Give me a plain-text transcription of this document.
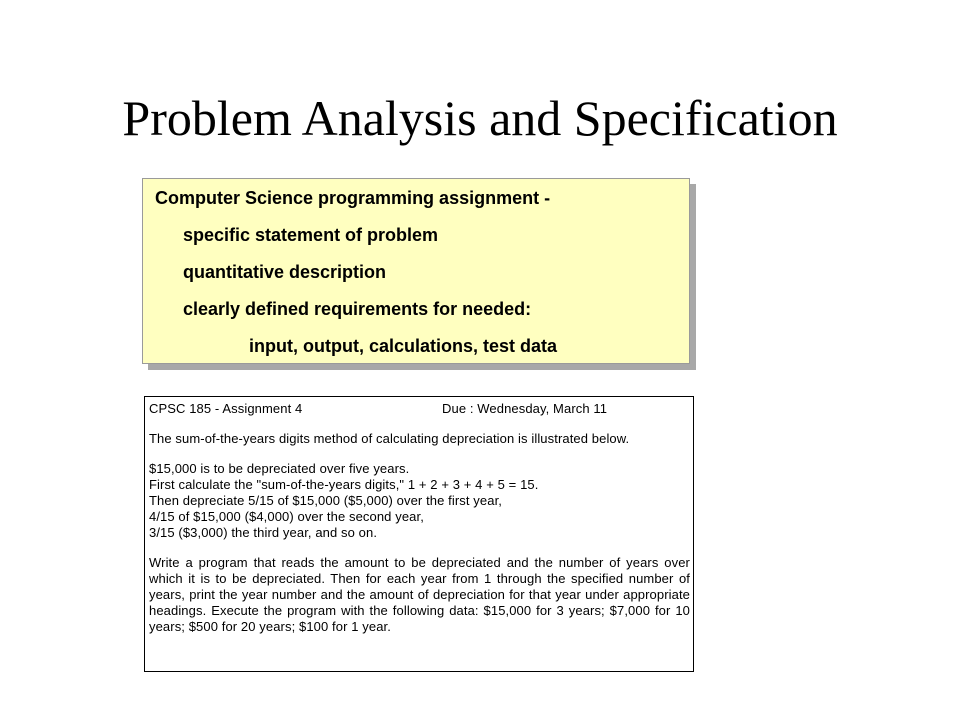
Problem Analysis and Specification
Computer Science programming assignment -
specific statement of problem
quantitative description
clearly defined requirements for needed:
input, output, calculations, test data
CPSC 185 - Assignment 4	Due : Wednesday, March 11
The sum-of-the-years digits method of calculating depreciation is illustrated below.
$15,000 is to be depreciated over five years.
First calculate the "sum-of-the-years digits," 1 + 2 + 3 + 4 + 5 = 15.
Then depreciate 5/15 of $15,000 ($5,000) over the first year,
4/15 of $15,000 ($4,000) over the second year,
3/15 ($3,000) the third year, and so on.
Write a program that reads the amount to be depreciated and the number of years over
which it is to be depreciated. Then for each year from 1 through the specified number of
years, print the year number and the amount of depreciation for that year under appropriate
headings. Execute the program with the following data: $15,000 for 3 years; $7,000 for 10
years; $500 for 20 years; $100 for 1 year.
